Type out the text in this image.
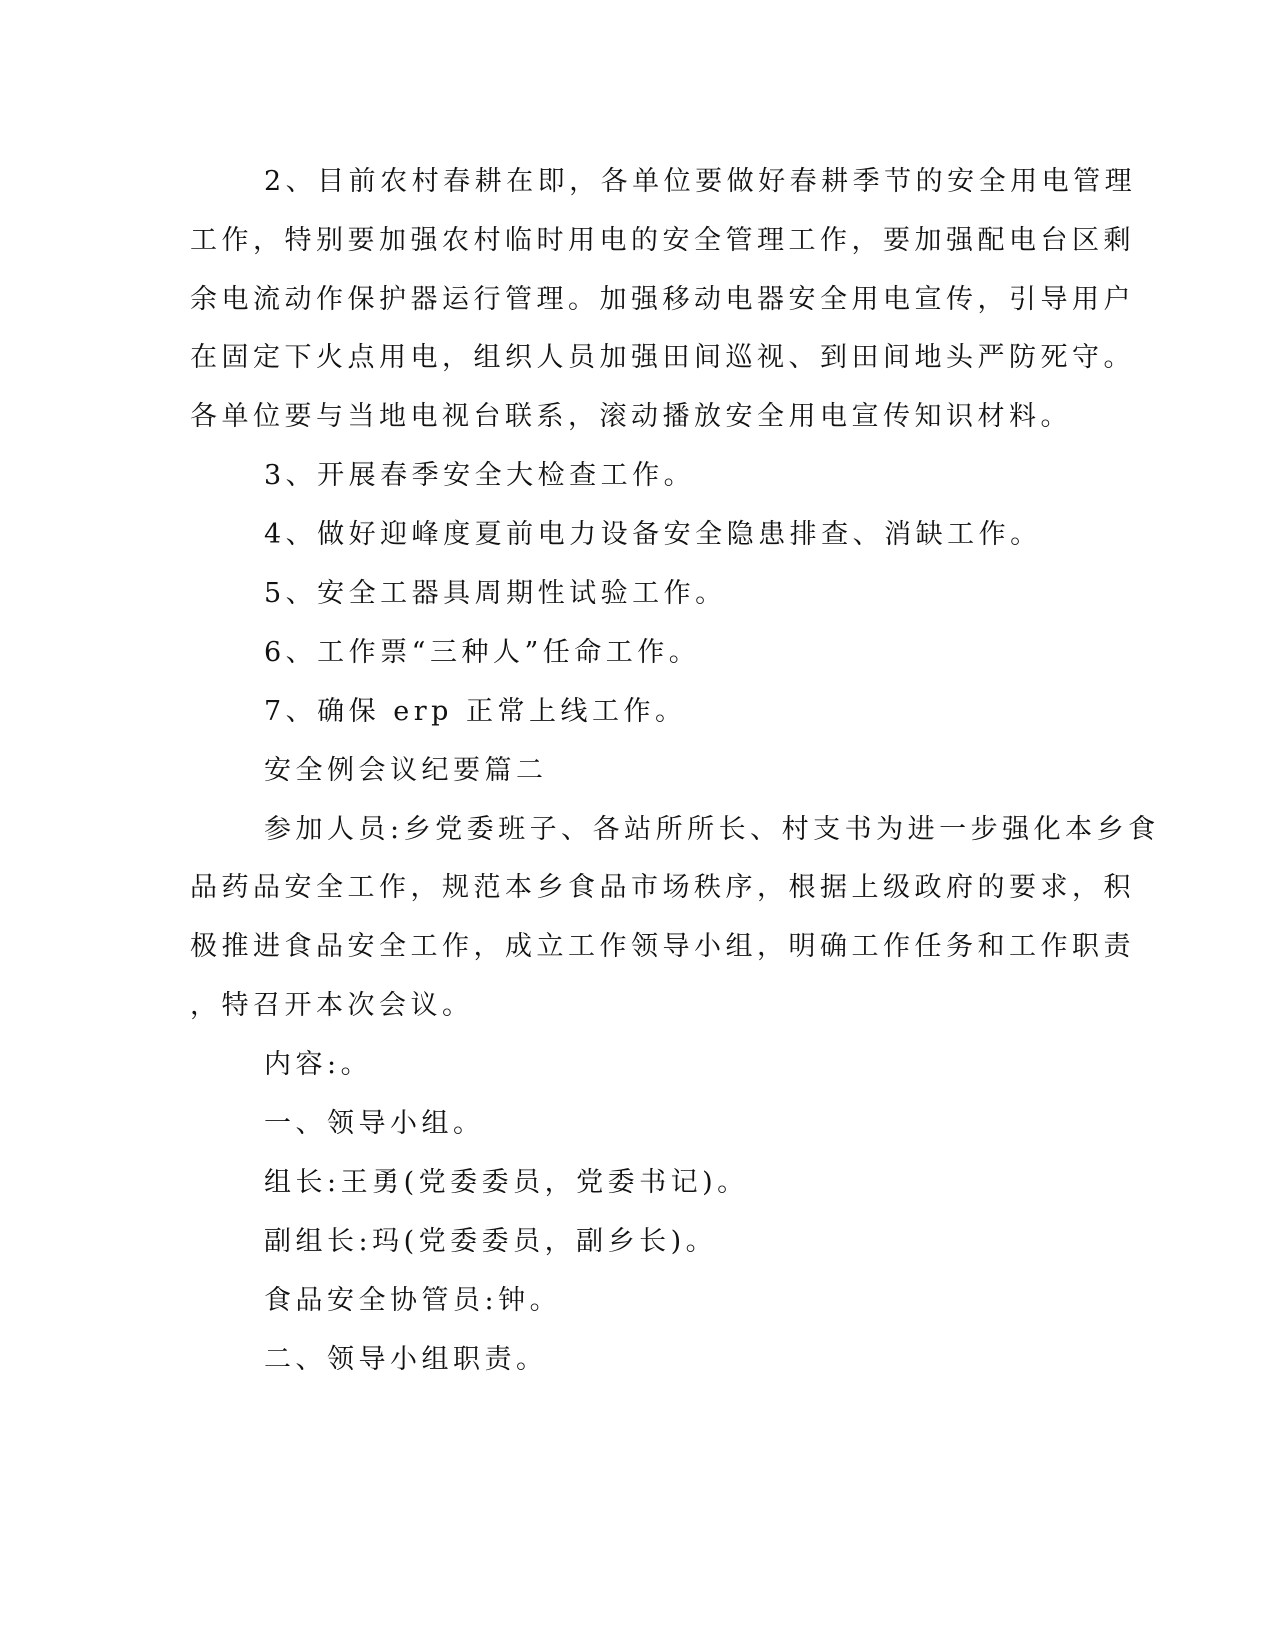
2、目前农村春耕在即，各单位要做好春耕季节的安全用电管理

工作，特别要加强农村临时用电的安全管理工作，要加强配电台区剩

余电流动作保护器运行管理。加强移动电器安全用电宣传，引导用户

在固定下火点用电，组织人员加强田间巡视、到田间地头严防死守。

各单位要与当地电视台联系，滚动播放安全用电宣传知识材料。

3、开展春季安全大检查工作。

4、做好迎峰度夏前电力设备安全隐患排查、消缺工作。

5、安全工器具周期性试验工作。

6、工作票“三种人”任命工作。

7、确保 erp 正常上线工作。

安全例会议纪要篇二

参加人员:乡党委班子、各站所所长、村支书为进一步强化本乡食

品药品安全工作，规范本乡食品市场秩序，根据上级政府的要求，积

极推进食品安全工作，成立工作领导小组，明确工作任务和工作职责

，特召开本次会议。

内容:。

一、领导小组。

组长:王勇(党委委员，党委书记)。

副组长:玛(党委委员，副乡长)。

食品安全协管员:钟。

二、领导小组职责。
